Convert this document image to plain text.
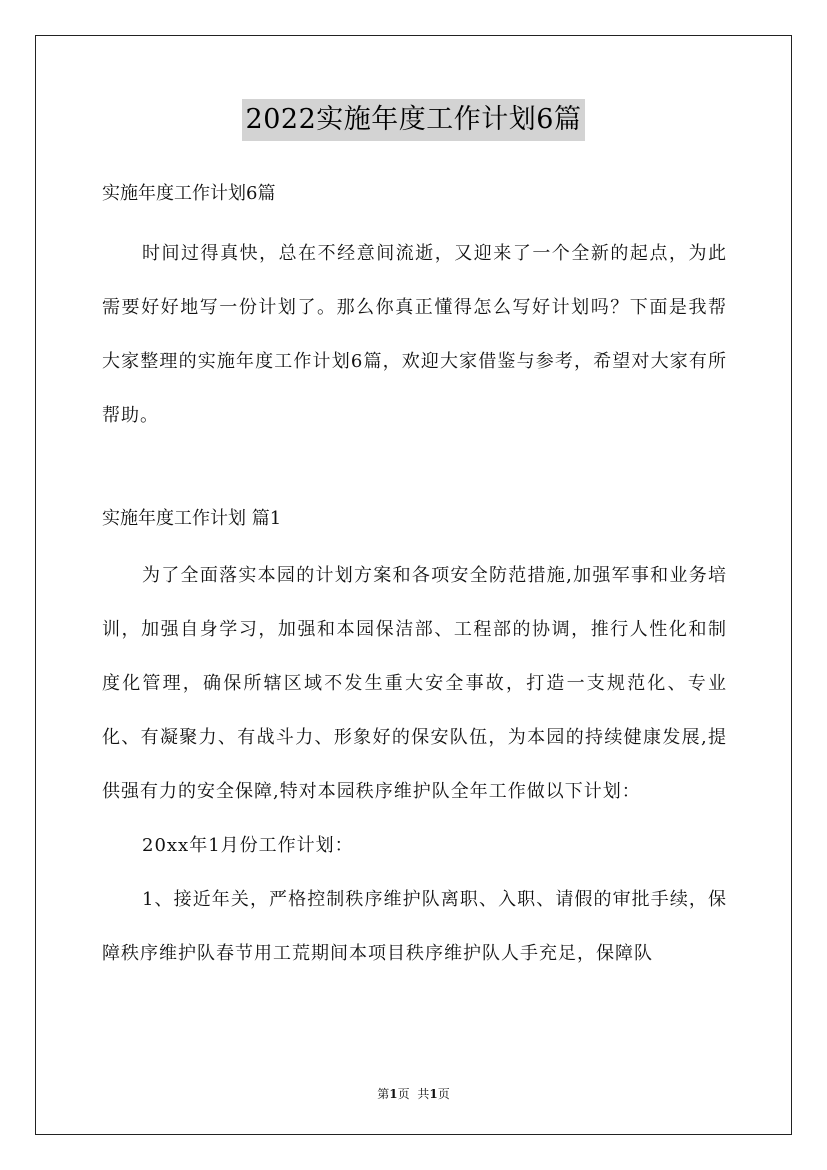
2022实施年度工作计划6篇
实施年度工作计划6篇
时间过得真快，总在不经意间流逝，又迎来了一个全新的起点，为此需要好好地写一份计划了。那么你真正懂得怎么写好计划吗？下面是我帮大家整理的实施年度工作计划6篇，欢迎大家借鉴与参考，希望对大家有所帮助。
实施年度工作计划 篇1
为了全面落实本园的计划方案和各项安全防范措施,加强军事和业务培训，加强自身学习，加强和本园保洁部、工程部的协调，推行人性化和制度化管理，确保所辖区域不发生重大安全事故，打造一支规范化、专业化、有凝聚力、有战斗力、形象好的保安队伍，为本园的持续健康发展,提供强有力的安全保障,特对本园秩序维护队全年工作做以下计划：
20xx年1月份工作计划：
1、接近年关，严格控制秩序维护队离职、入职、请假的审批手续，保障秩序维护队春节用工荒期间本项目秩序维护队人手充足，保障队
第1页 共1页
